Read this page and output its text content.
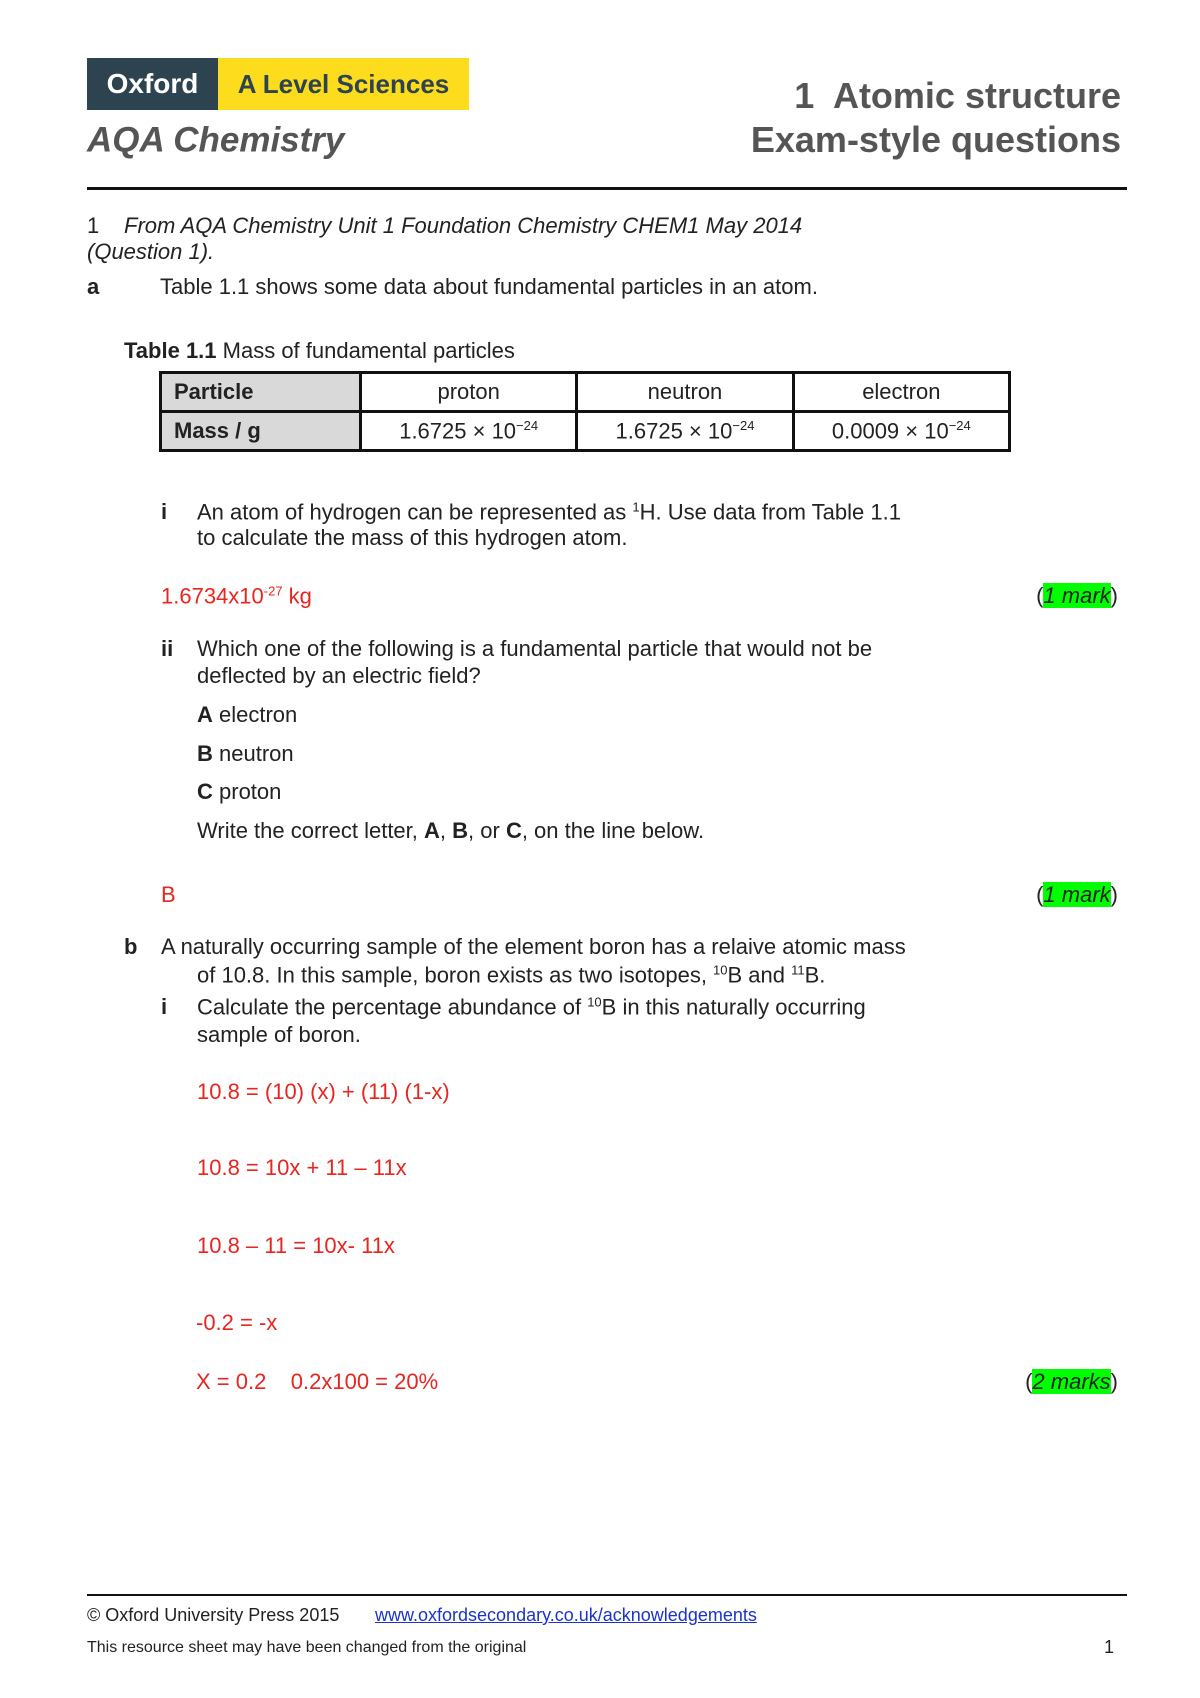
Oxford	A Level Sciences
AQA Chemistry
1  Atomic structure
Exam-style questions
1 From AQA Chemistry Unit 1 Foundation Chemistry CHEM1 May 2014
(Question 1).
a	Table 1.1 shows some data about fundamental particles in an atom.
Table 1.1 Mass of fundamental particles
Particle	proton	neutron	electron
Mass / g	$1.6725 \times 10^{-24}$	$1.6725 \times 10^{-24}$	$0.0009 \times 10^{-24}$
i An atom of hydrogen can be represented as $^1$H. Use data from Table 1.1
to calculate the mass of this hydrogen atom.
$1.6734x10^{-27}$ kg	(1 mark)
ii Which one of the following is a fundamental particle that would not be
deflected by an electric field?
A electron
B neutron
C proton
Write the correct letter, A, B, or C, on the line below.
B	(1 mark)
b A naturally occurring sample of the element boron has a relaive atomic mass
of 10.8. In this sample, boron exists as two isotopes, $^{10}$B and $^{11}$B.
i Calculate the percentage abundance of $^{10}$B in this naturally occurring
sample of boron.
10.8 = (10) (x) + (11) (1-x)
10.8 = 10x + 11 – 11x
10.8 – 11 = 10x- 11x
-0.2 = -x
X = 0.2    0.2x100 = 20%	(2 marks)
© Oxford University Press 2015 www.oxfordsecondary.co.uk/acknowledgements
This resource sheet may have been changed from the original	1
